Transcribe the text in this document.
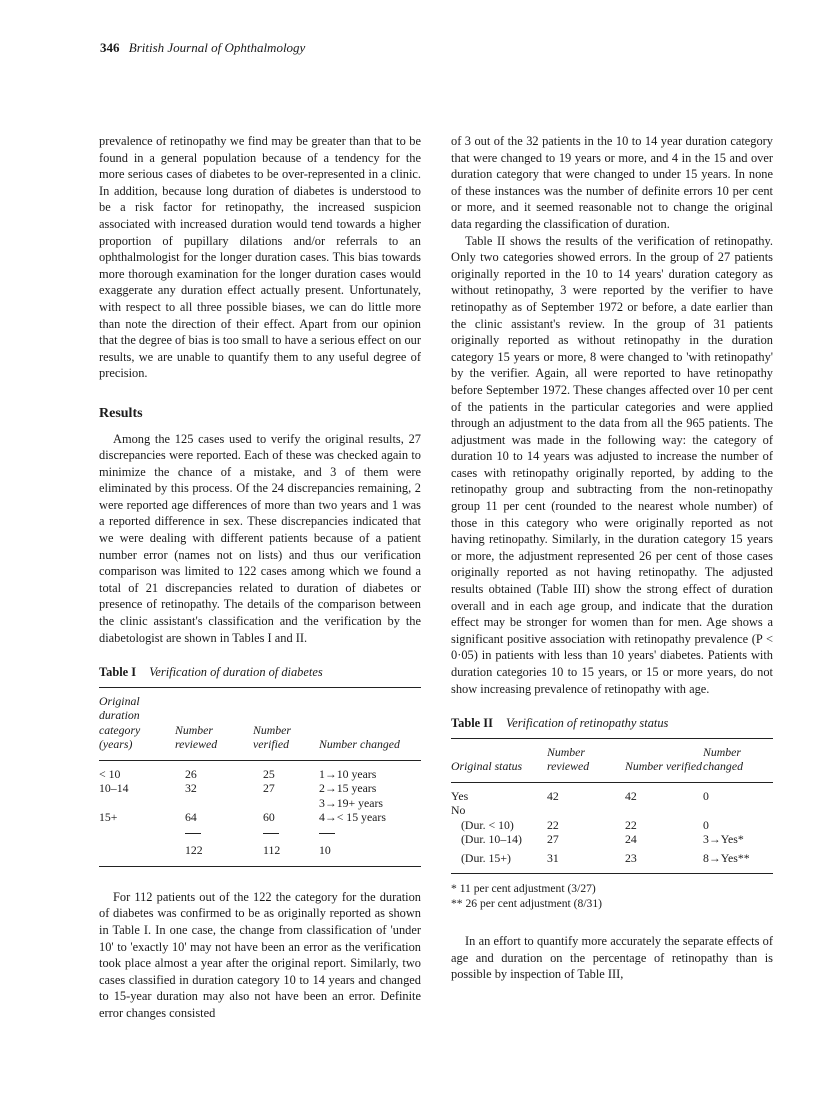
346 British Journal of Ophthalmology

prevalence of retinopathy we find may be greater than that to be found in a general population because of a tendency for the more serious cases of diabetes to be over-represented in a clinic. In addition, because long duration of diabetes is understood to be a risk factor for retinopathy, the increased suspicion associated with increased duration would tend towards a higher proportion of pupillary dilations and/or referrals to an ophthalmologist for the longer duration cases. This bias towards more thorough examination for the longer duration cases would exaggerate any duration effect actually present. Unfortunately, with respect to all three possible biases, we can do little more than note the direction of their effect. Apart from our opinion that the degree of bias is too small to have a serious effect on our results, we are unable to quantify them to any useful degree of precision.

Results

Among the 125 cases used to verify the original results, 27 discrepancies were reported. Each of these was checked again to minimize the chance of a mistake, and 3 of them were eliminated by this process. Of the 24 discrepancies remaining, 2 were reported age differences of more than two years and 1 was a reported difference in sex. These discrepancies indicated that we were dealing with different patients because of a patient number error (names not on lists) and thus our verification comparison was limited to 122 cases among which we found a total of 21 discrepancies related to duration of diabetes or presence of retinopathy. The details of the comparison between the clinic assistant's classification and the verification by the diabetologist are shown in Tables I and II.

Table I Verification of duration of diabetes

Original duration category (years)	Number reviewed	Number verified	Number changed
< 10	26	25	1→10 years
10–14	32	27	2→15 years
3→19+ years

15+	64	60	4→< 15 years

	122	112	10

For 112 patients out of the 122 the category for the duration of diabetes was confirmed to be as originally reported as shown in Table I. In one case, the change from classification of 'under 10' to 'exactly 10' may not have been an error as the verification took place almost a year after the original report. Similarly, two cases classified in duration category 10 to 14 years and changed to 15-year duration may also not have been an error. Definite error changes consisted

of 3 out of the 32 patients in the 10 to 14 year duration category that were changed to 19 years or more, and 4 in the 15 and over duration category that were changed to under 15 years. In none of these instances was the number of definite errors 10 per cent or more, and it seemed reasonable not to change the original data regarding the classification of duration.

Table II shows the results of the verification of retinopathy. Only two categories showed errors. In the group of 27 patients originally reported in the 10 to 14 years' duration category as without retinopathy, 3 were reported by the verifier to have retinopathy as of September 1972 or before, a date earlier than the clinic assistant's review. In the group of 31 patients originally reported as without retinopathy in the duration category 15 years or more, 8 were changed to 'with retinopathy' by the verifier. Again, all were reported to have retinopathy before September 1972. These changes affected over 10 per cent of the patients in the particular categories and were applied through an adjustment to the data from all the 965 patients. The adjustment was made in the following way: the category of duration 10 to 14 years was adjusted to increase the number of cases with retinopathy originally reported, by adding to the retinopathy group and subtracting from the non-retinopathy group 11 per cent (rounded to the nearest whole number) of those in this category who were originally reported as not having retinopathy. Similarly, in the duration category 15 years or more, the adjustment represented 26 per cent of those cases originally reported as not having retinopathy. The adjusted results obtained (Table III) show the strong effect of duration overall and in each age group, and indicate that the duration effect may be stronger for women than for men. Age shows a significant positive association with retinopathy prevalence (P < 0·05) in patients with less than 10 years' diabetes. Patients with duration categories 10 to 15 years, or 15 or more years, do not show increasing prevalence of retinopathy with age.

Table II Verification of retinopathy status

Original status	Number reviewed	Number verified	Number changed
Yes	42	42	0
No			
(Dur. < 10)	22	22	0
(Dur. 10–14)	27	24	3→Yes*
(Dur. 15+)	31	23	8→Yes**

* 11 per cent adjustment (3/27)

** 26 per cent adjustment (8/31)

In an effort to quantify more accurately the separate effects of age and duration on the percentage of retinopathy than is possible by inspection of Table III,
